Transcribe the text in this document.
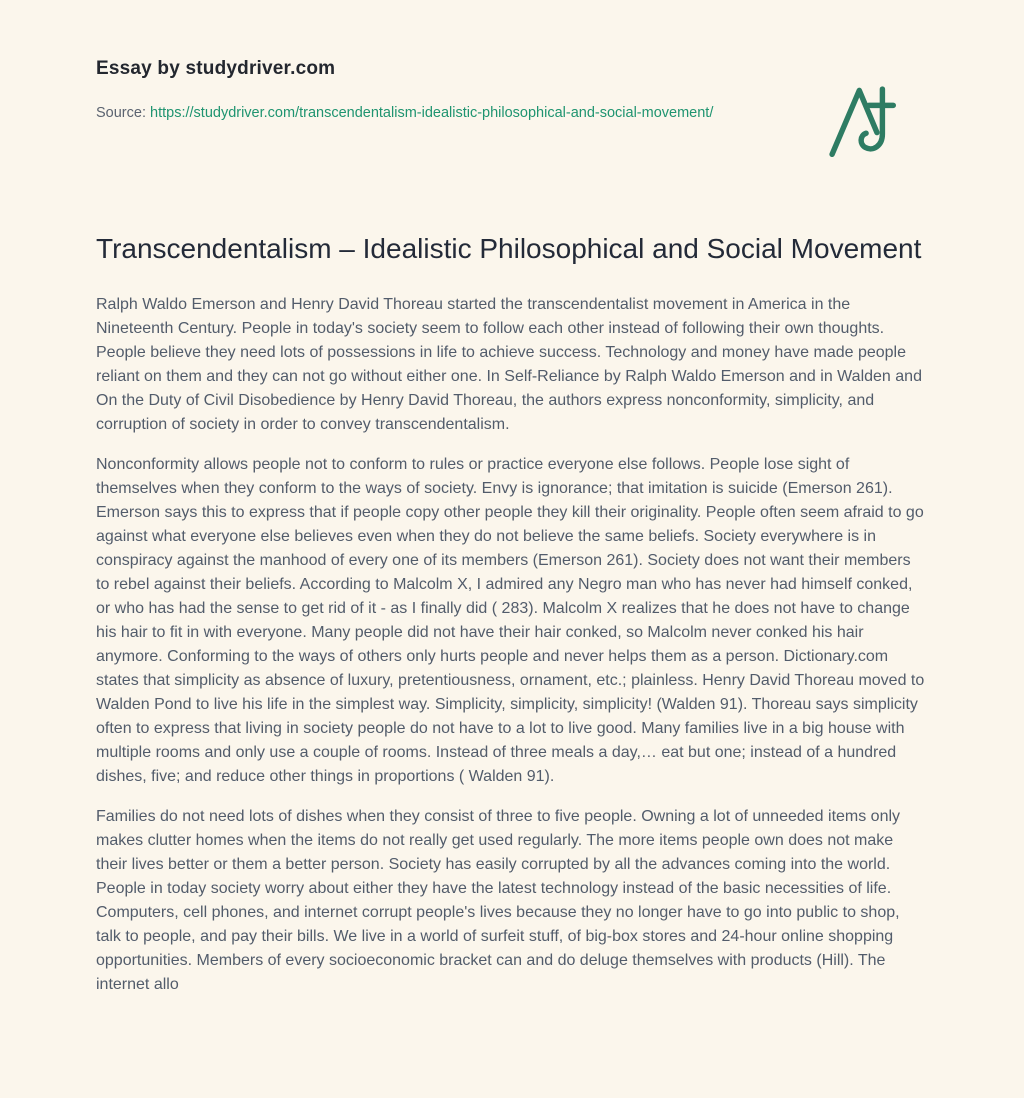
Essay by studydriver.com

Source: https://studydriver.com/transcendentalism-idealistic-philosophical-and-social-movement/

Transcendentalism – Idealistic Philosophical and Social Movement

Ralph Waldo Emerson and Henry David Thoreau started the transcendentalist movement in America in the Nineteenth Century. People in today's society seem to follow each other instead of following their own thoughts. People believe they need lots of possessions in life to achieve success. Technology and money have made people reliant on them and they can not go without either one. In Self-Reliance by Ralph Waldo Emerson and in Walden and On the Duty of Civil Disobedience by Henry David Thoreau, the authors express nonconformity, simplicity, and corruption of society in order to convey transcendentalism.

Nonconformity allows people not to conform to rules or practice everyone else follows. People lose sight of themselves when they conform to the ways of society. Envy is ignorance; that imitation is suicide (Emerson 261). Emerson says this to express that if people copy other people they kill their originality. People often seem afraid to go against what everyone else believes even when they do not believe the same beliefs. Society everywhere is in conspiracy against the manhood of every one of its members (Emerson 261). Society does not want their members to rebel against their beliefs. According to Malcolm X, I admired any Negro man who has never had himself conked, or who has had the sense to get rid of it - as I finally did ( 283). Malcolm X realizes that he does not have to change his hair to fit in with everyone. Many people did not have their hair conked, so Malcolm never conked his hair anymore. Conforming to the ways of others only hurts people and never helps them as a person. Dictionary.com states that simplicity as absence of luxury, pretentiousness, ornament, etc.; plainless. Henry David Thoreau moved to Walden Pond to live his life in the simplest way. Simplicity, simplicity, simplicity! (Walden 91). Thoreau says simplicity often to express that living in society people do not have to a lot to live good. Many families live in a big house with multiple rooms and only use a couple of rooms. Instead of three meals a day,… eat but one; instead of a hundred dishes, five; and reduce other things in proportions ( Walden 91).

Families do not need lots of dishes when they consist of three to five people. Owning a lot of unneeded items only makes clutter homes when the items do not really get used regularly. The more items people own does not make their lives better or them a better person. Society has easily corrupted by all the advances coming into the world. People in today society worry about either they have the latest technology instead of the basic necessities of life. Computers, cell phones, and internet corrupt people's lives because they no longer have to go into public to shop, talk to people, and pay their bills. We live in a world of surfeit stuff, of big-box stores and 24-hour online shopping opportunities. Members of every socioeconomic bracket can and do deluge themselves with products (Hill). The internet allo
